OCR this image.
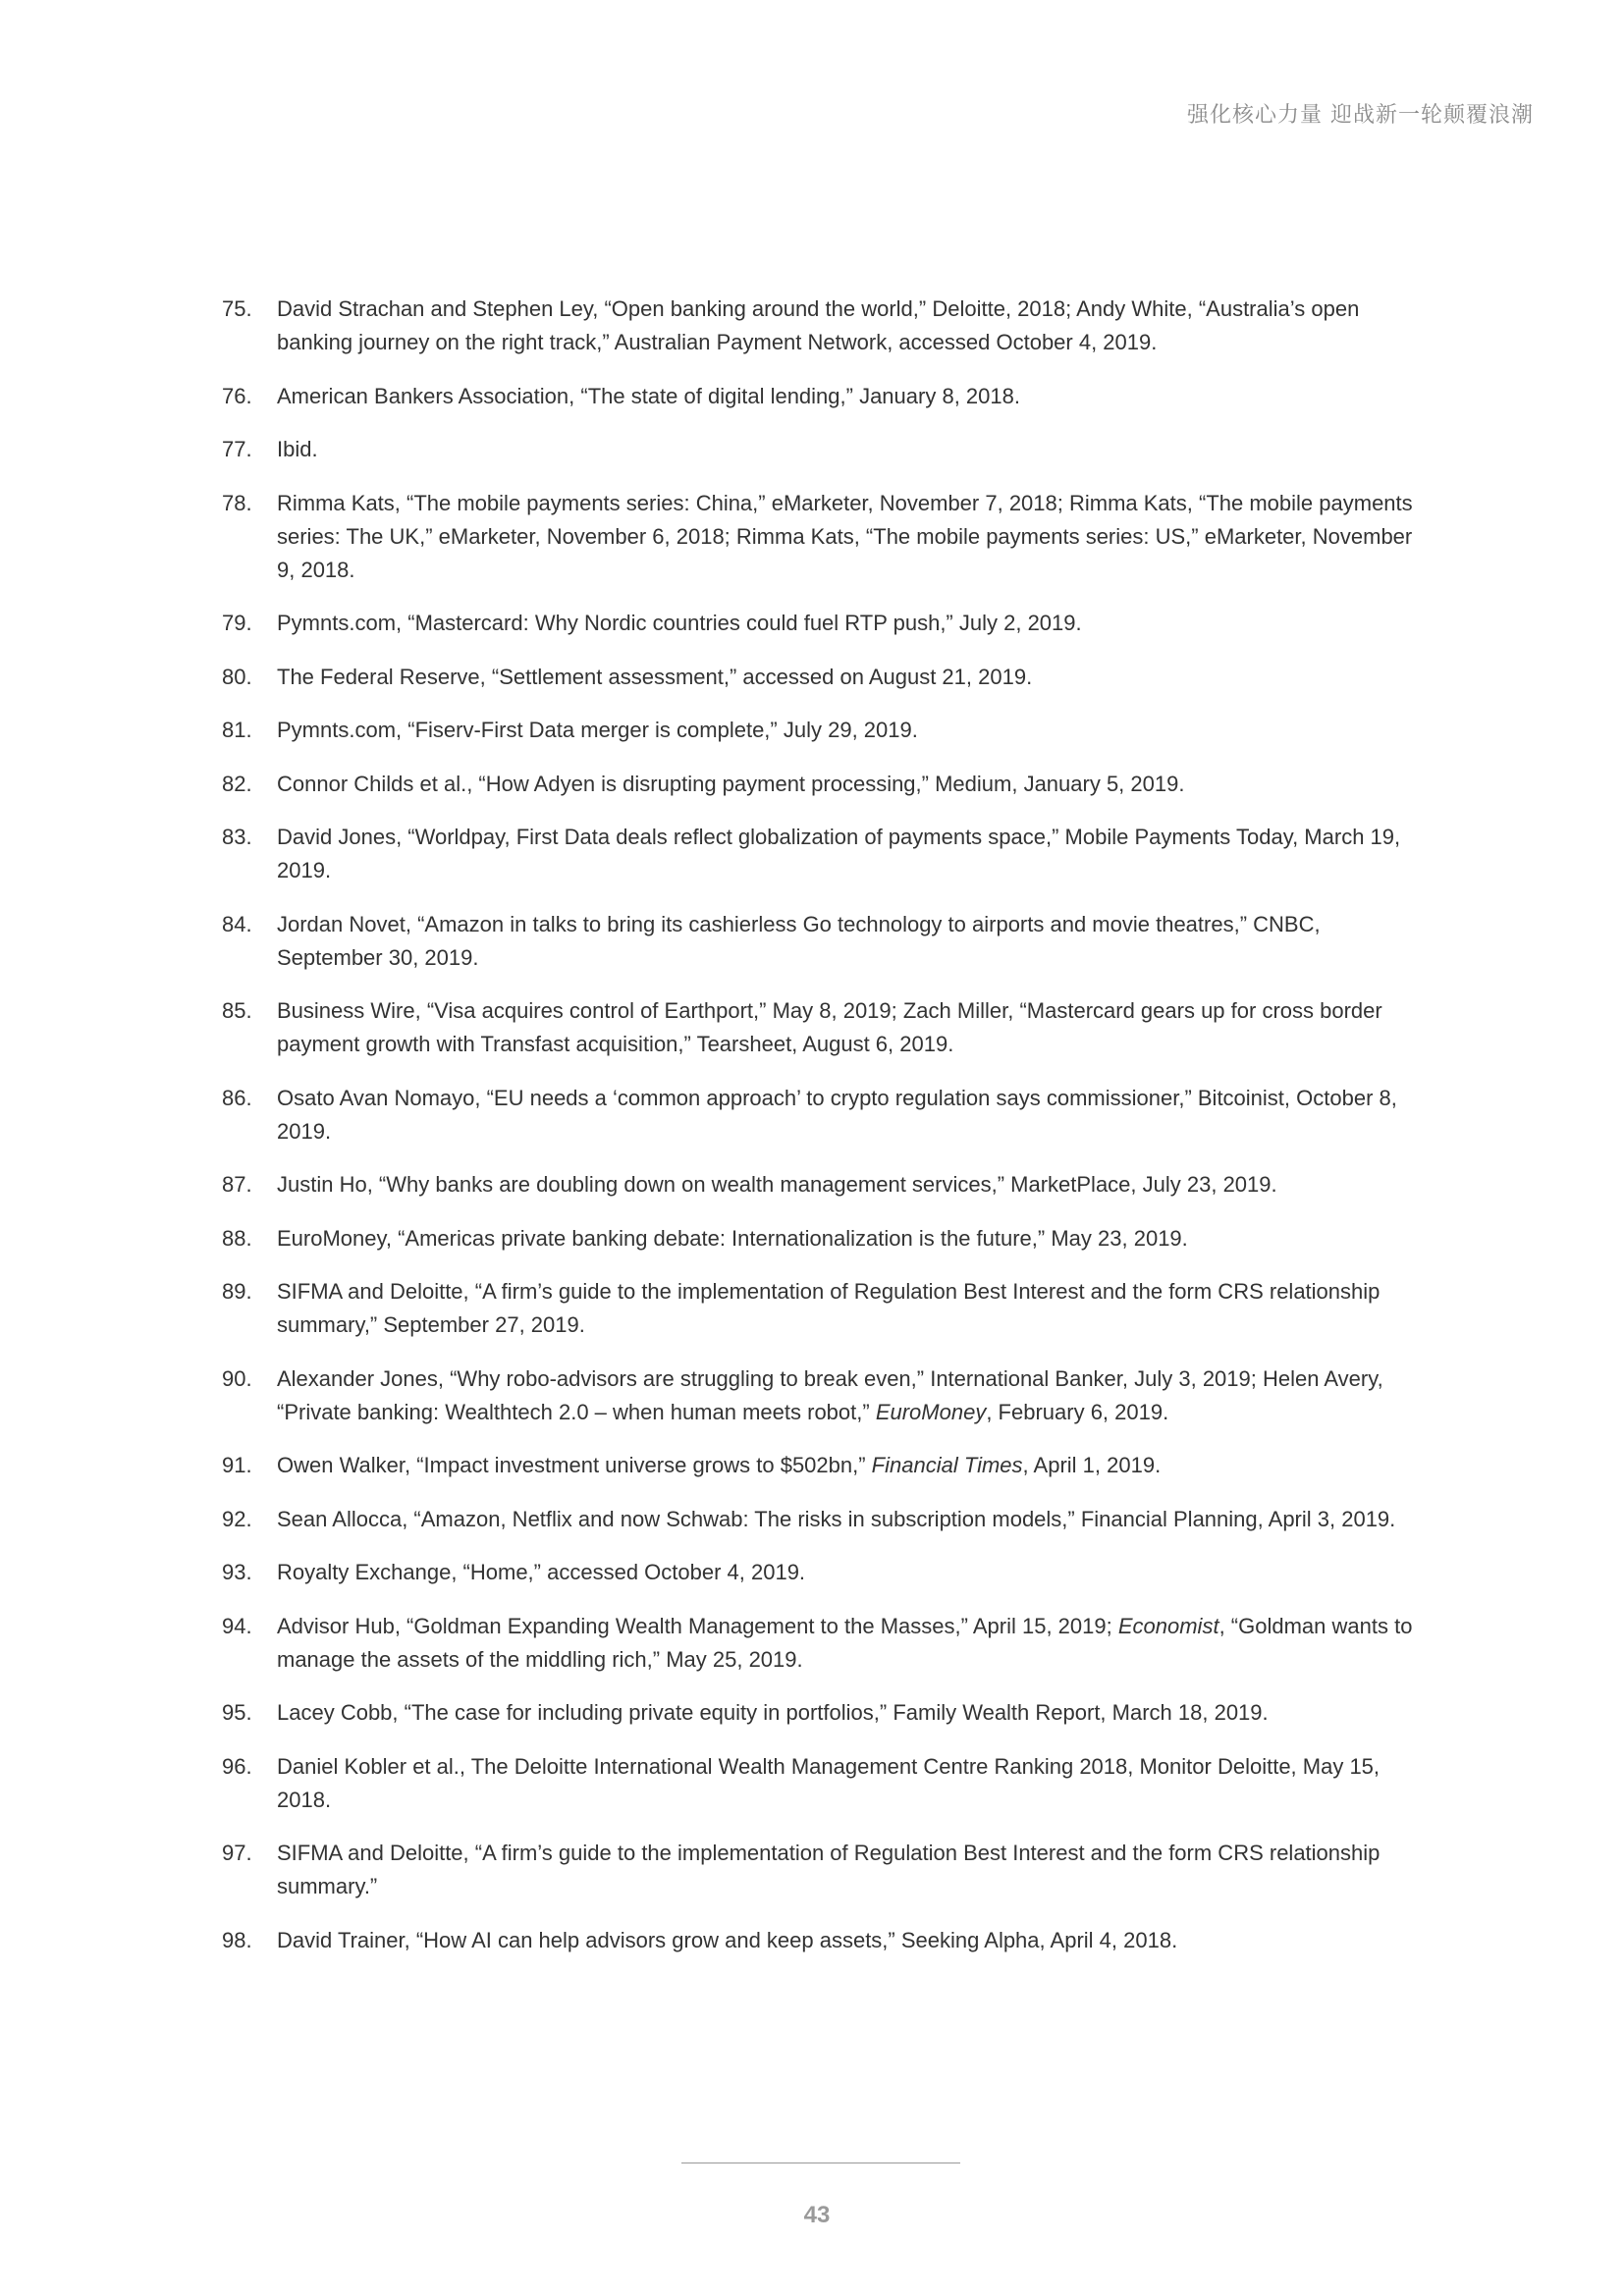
强化核心力量 迎战新一轮颠覆浪潮
75.	David Strachan and Stephen Ley, “Open banking around the world,” Deloitte, 2018; Andy White, “Australia’s open banking journey on the right track,” Australian Payment Network, accessed October 4, 2019.
76.	American Bankers Association, “The state of digital lending,” January 8, 2018.
77.	Ibid.
78.	Rimma Kats, “The mobile payments series: China,” eMarketer, November 7, 2018; Rimma Kats, “The mobile payments series: The UK,” eMarketer, November 6, 2018; Rimma Kats, “The mobile payments series: US,” eMarketer, November 9, 2018.
79.	Pymnts.com, “Mastercard: Why Nordic countries could fuel RTP push,” July 2, 2019.
80.	The Federal Reserve, “Settlement assessment,” accessed on August 21, 2019.
81.	Pymnts.com, “Fiserv-First Data merger is complete,” July 29, 2019.
82.	Connor Childs et al., “How Adyen is disrupting payment processing,” Medium, January 5, 2019.
83.	David Jones, “Worldpay, First Data deals reflect globalization of payments space,” Mobile Payments Today, March 19, 2019.
84.	Jordan Novet, “Amazon in talks to bring its cashierless Go technology to airports and movie theatres,” CNBC, September 30, 2019.
85.	Business Wire, “Visa acquires control of Earthport,” May 8, 2019; Zach Miller, “Mastercard gears up for cross border payment growth with Transfast acquisition,” Tearsheet, August 6, 2019.
86.	Osato Avan Nomayo, “EU needs a ‘common approach’ to crypto regulation says commissioner,” Bitcoinist, October 8, 2019.
87.	Justin Ho, “Why banks are doubling down on wealth management services,” MarketPlace, July 23, 2019.
88.	EuroMoney, “Americas private banking debate: Internationalization is the future,” May 23, 2019.
89.	SIFMA and Deloitte, “A firm’s guide to the implementation of Regulation Best Interest and the form CRS relationship summary,” September 27, 2019.
90.	Alexander Jones, “Why robo-advisors are struggling to break even,” International Banker, July 3, 2019; Helen Avery, “Private banking: Wealthtech 2.0 – when human meets robot,” EuroMoney, February 6, 2019.
91.	Owen Walker, “Impact investment universe grows to $502bn,” Financial Times, April 1, 2019.
92.	Sean Allocca, “Amazon, Netflix and now Schwab: The risks in subscription models,” Financial Planning, April 3, 2019.
93.	Royalty Exchange, “Home,” accessed October 4, 2019.
94.	Advisor Hub, “Goldman Expanding Wealth Management to the Masses,” April 15, 2019; Economist, “Goldman wants to manage the assets of the middling rich,” May 25, 2019.
95.	Lacey Cobb, “The case for including private equity in portfolios,” Family Wealth Report, March 18, 2019.
96.	Daniel Kobler et al., The Deloitte International Wealth Management Centre Ranking 2018, Monitor Deloitte, May 15, 2018.
97.	SIFMA and Deloitte, “A firm’s guide to the implementation of Regulation Best Interest and the form CRS relationship summary.”
98.	David Trainer, “How AI can help advisors grow and keep assets,” Seeking Alpha, April 4, 2018.
43
